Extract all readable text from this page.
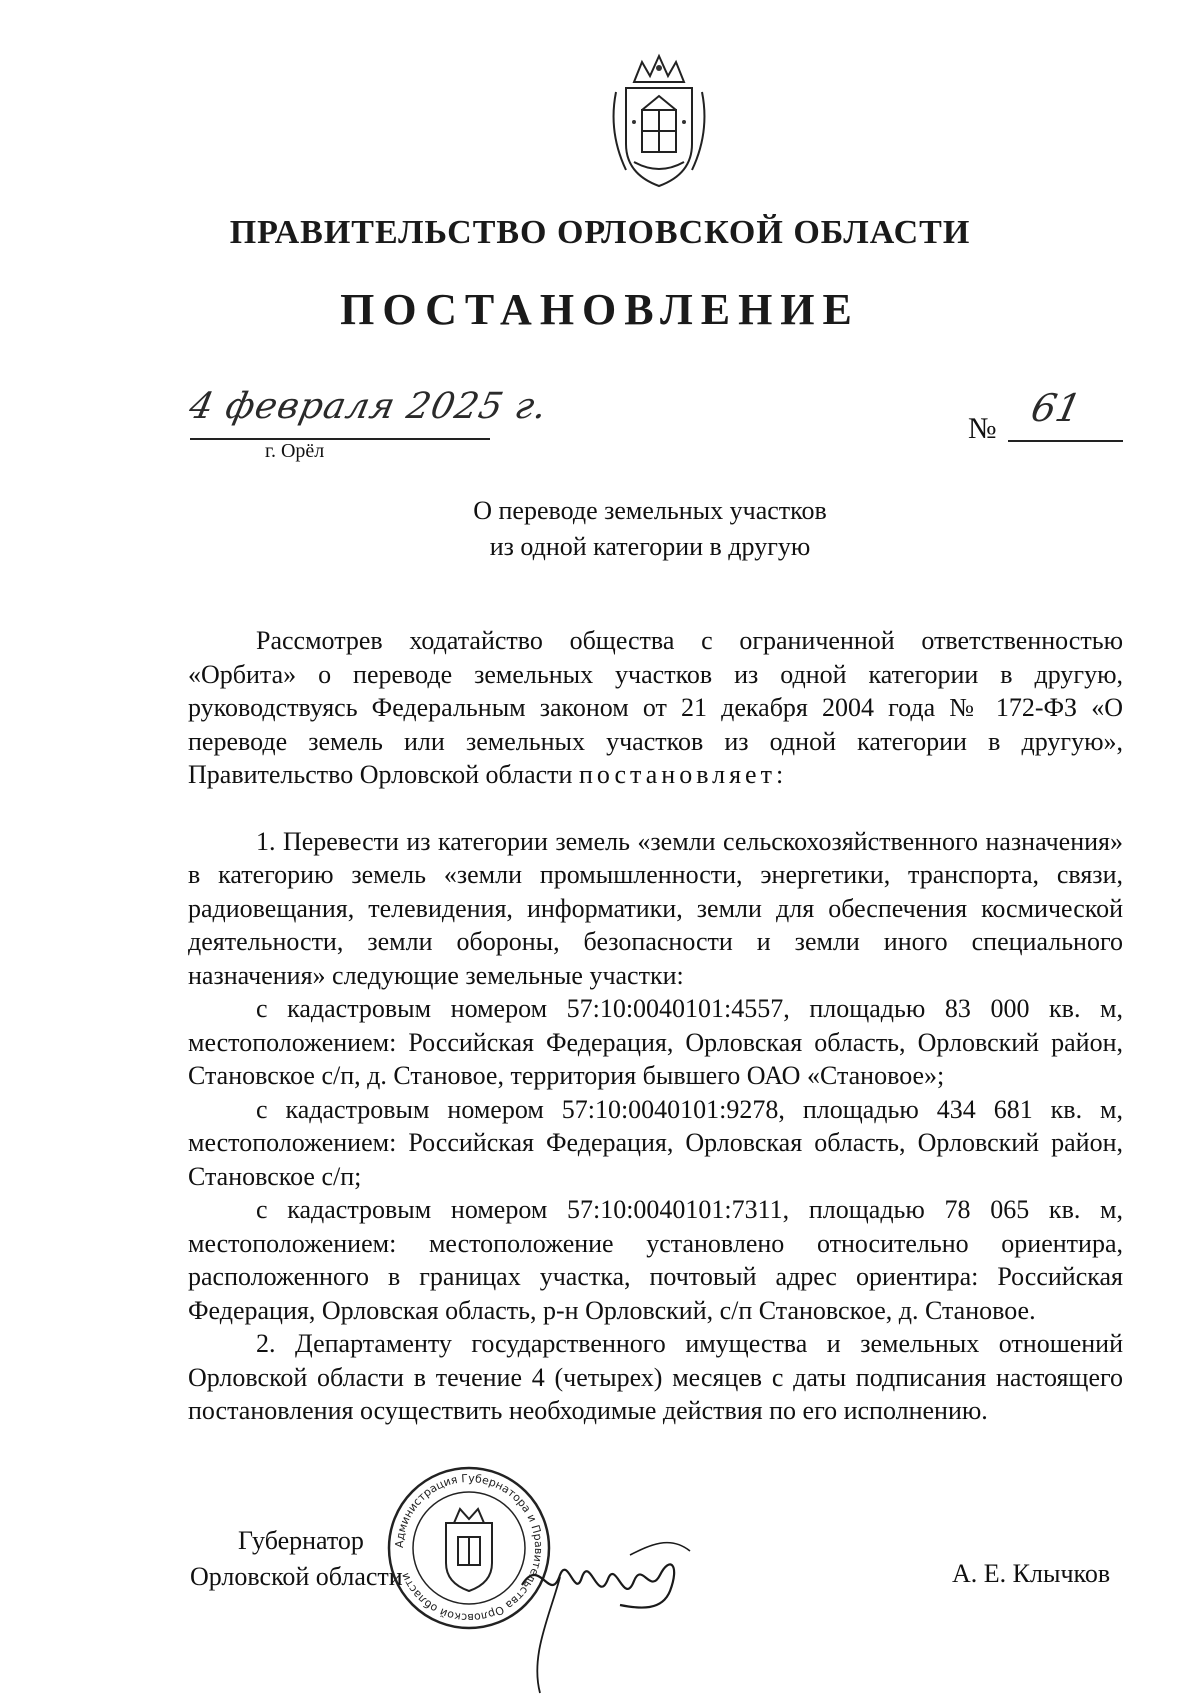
ПРАВИТЕЛЬСТВО ОРЛОВСКОЙ ОБЛАСТИ
ПОСТАНОВЛЕНИЕ
4 февраля 2025 г.
г. Орёл
№ 61
О переводе земельных участков
из одной категории в другую

Рассмотрев ходатайство общества с ограниченной ответственностью «Орбита» о переводе земельных участков из одной категории в другую, руководствуясь Федеральным законом от 21 декабря 2004 года № 172-ФЗ «О переводе земель или земельных участков из одной категории в другую», Правительство Орловской области постановляет:

1. Перевести из категории земель «земли сельскохозяйственного назначения» в категорию земель «земли промышленности, энергетики, транспорта, связи, радиовещания, телевидения, информатики, земли для обеспечения космической деятельности, земли обороны, безопасности и земли иного специального назначения» следующие земельные участки:

с кадастровым номером 57:10:0040101:4557, площадью 83 000 кв. м, местоположением: Российская Федерация, Орловская область, Орловский район, Становское с/п, д. Становое, территория бывшего ОАО «Становое»;

с кадастровым номером 57:10:0040101:9278, площадью 434 681 кв. м, местоположением: Российская Федерация, Орловская область, Орловский район, Становское с/п;

с кадастровым номером 57:10:0040101:7311, площадью 78 065 кв. м, местоположением: местоположение установлено относительно ориентира, расположенного в границах участка, почтовый адрес ориентира: Российская Федерация, Орловская область, р-н Орловский, с/п Становское, д. Становое.

2. Департаменту государственного имущества и земельных отношений Орловской области в течение 4 (четырех) месяцев с даты подписания настоящего постановления осуществить необходимые действия по его исполнению.

Губернатор
Орловской области
Администрация Губернатора и Правительства Орловской области	А. Е. Клычков
